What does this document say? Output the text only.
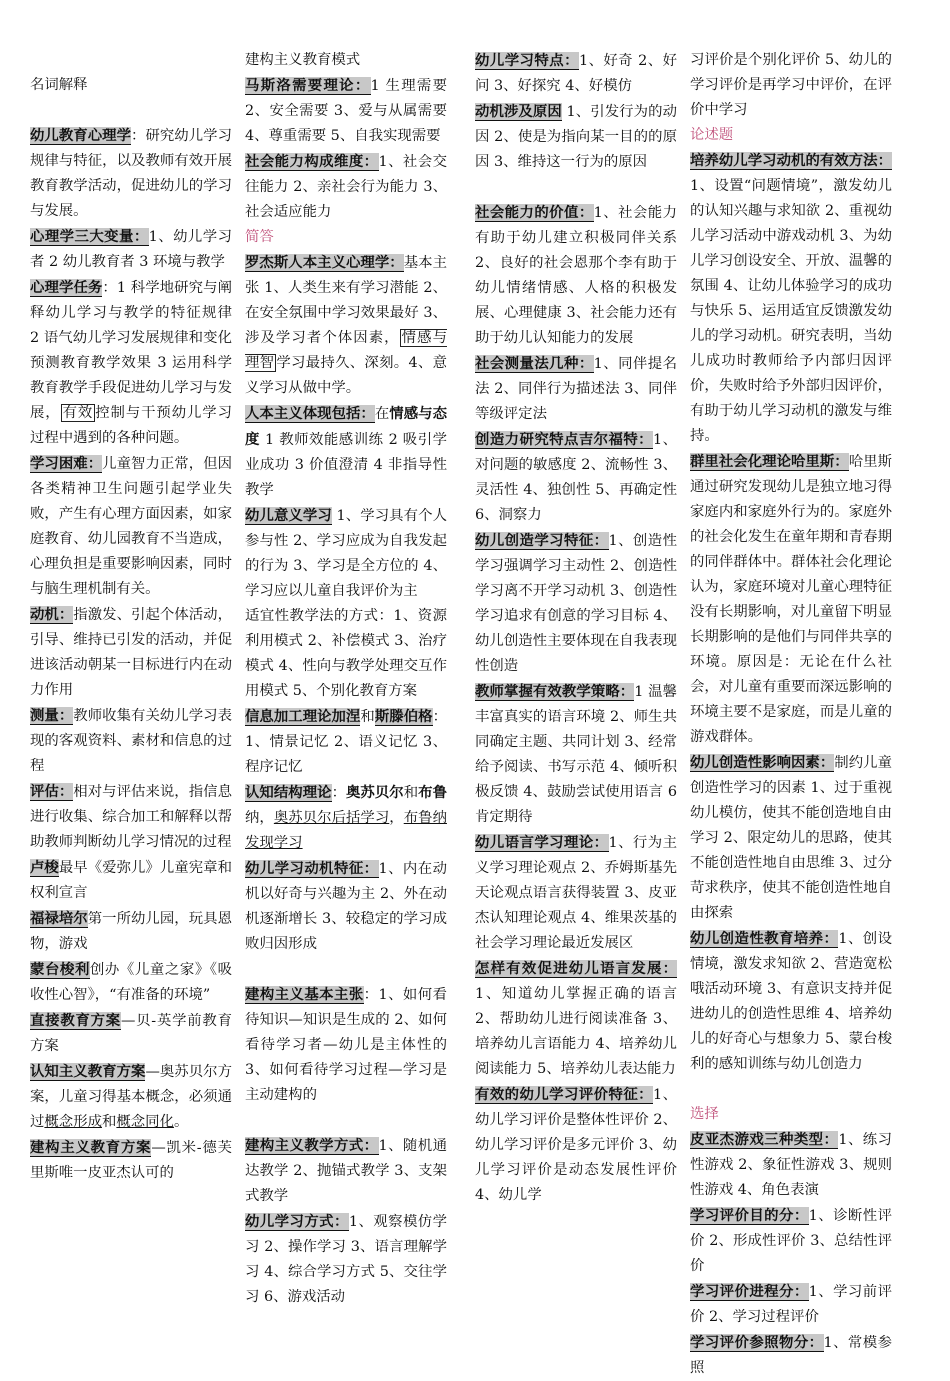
名词解释

幼儿教育心理学：研究幼儿学习规律与特征，以及教师有效开展教育教学活动，促进幼儿的学习与发展。

心理学三大变量：1、幼儿学习者 2 幼儿教育者 3 环境与教学

心理学任务：1 科学地研究与阐释幼儿学习与教学的特征规律　2 语气幼儿学习发展规律和变化预测教育教学效果 3 运用科学教育教学手段促进幼儿学习与发展， 有效 控制与干预幼儿学习过程中遇到的各种问题。

学习困难：儿童智力正常，但因各类精神卫生问题引起学业失败，产生有心理方面因素，如家庭教育、幼儿园教育不当造成，心理负担是重要影响因素，同时与脑生理机制有关。

动机：指激发、引起个体活动，引导、维持已引发的活动，并促进该活动朝某一目标进行内在动力作用

测量：教师收集有关幼儿学习表现的客观资料、素材和信息的过程

评估：相对与评估来说，指信息进行收集、综合加工和解释以帮助教师判断幼儿学习情况的过程

卢梭最早《爱弥儿》儿童宪章和权利宣言

福禄培尔第一所幼儿园，玩具恩物，游戏

蒙台梭利创办《儿童之家》《吸收性心智》，“有准备的环境”

直接教育方案—贝-英学前教育方案

认知主义教育方案—奥苏贝尔方案，儿童习得基本概念，必须通过概念形成和概念同化。

建构主义教育方案—凯米-德芙里斯唯一皮亚杰认可的

建构主义教育模式

马斯洛需要理论：1 生理需要 2、安全需要 3、爱与从属需要 4、尊重需要 5、自我实现需要

社会能力构成维度：1、社会交往能力 2、亲社会行为能力 3、社会适应能力

简答

罗杰斯人本主义心理学：基本主张 1、人类生来有学习潜能 2、在安全氛围中学习效果最好 3、涉及学习者个体因素， 情感与理智 学习最持久、深刻。4、意义学习从做中学。

人本主义体现包括：在情感与态度 1 教师效能感训练 2 吸引学业成功 3 价值澄清 4 非指导性教学

幼儿意义学习 1、学习具有个人参与性 2、学习应成为自我发起的行为 3、学习是全方位的 4、学习应以儿童自我评价为主

适宜性教学法的方式：1、资源利用模式 2、补偿模式 3、治疗模式 4、性向与教学处理交互作用模式 5、个别化教育方案

信息加工理论加涅和斯滕伯格：1、情景记忆 2、语义记忆 3、程序记忆

认知结构理论：奥苏贝尔和布鲁纳，奥苏贝尔后括学习，布鲁纳发现学习

幼儿学习动机特征：1、内在动机以好奇与兴趣为主 2、外在动机逐渐增长 3、较稳定的学习成败归因形成

建构主义基本主张：1、如何看待知识—知识是生成的 2、如何看待学习者—幼儿是主体性的 3、如何看待学习过程—学习是主动建构的

建构主义教学方式：1、随机通达教学 2、抛锚式教学 3、支架式教学

幼儿学习方式：1、观察模仿学习 2、操作学习 3、语言理解学习 4、综合学习方式 5、交往学习 6、游戏活动

幼儿学习特点：1、好奇 2、好问 3、好探究 4、好模仿

动机涉及原因 1、引发行为的动因 2、使是为指向某一目的的原因 3、维持这一行为的原因

社会能力的价值：1、社会能力有助于幼儿建立积极同伴关系 2、良好的社会恩那个李有助于幼儿情绪情感、人格的积极发展、心理健康 3、社会能力还有助于幼儿认知能力的发展

社会测量法几种：1、同伴提名法 2、同伴行为描述法 3、同伴等级评定法

创造力研究特点吉尔福特：1、对问题的敏感度 2、流畅性 3、灵活性 4、独创性 5、再确定性 6、洞察力

幼儿创造学习特征：1、创造性学习强调学习主动性 2、创造性学习离不开学习动机 3、创造性学习追求有创意的学习目标 4、幼儿创造性主要体现在自我表现性创造

教师掌握有效教学策略：1 温馨丰富真实的语言环境 2、师生共同确定主题、共同计划 3、经常给予阅读、书写示范 4、倾听积极反馈 4、鼓励尝试使用语言 6 肯定期待

幼儿语言学习理论：1、行为主义学习理论观点 2、乔姆斯基先天论观点语言获得装置 3、皮亚杰认知理论观点 4、维果茨基的社会学习理论最近发展区

怎样有效促进幼儿语言发展：1、知道幼儿掌握正确的语言 2、帮助幼儿进行阅读准备 3、培养幼儿言语能力 4、培养幼儿阅读能力 5、培养幼儿表达能力

有效的幼儿学习评价特征：1、幼儿学习评价是整体性评价 2、幼儿学习评价是多元评价 3、幼儿学习评价是动态发展性评价 4、幼儿学

习评价是个别化评价 5、幼儿的学习评价是再学习中评价，在评价中学习

论述题

培养幼儿学习动机的有效方法：1、设置“问题情境”，激发幼儿的认知兴趣与求知欲 2、重视幼儿学习活动中游戏动机 3、为幼儿学习创设安全、开放、温馨的氛围 4、让幼儿体验学习的成功与快乐 5、运用适宜反馈激发幼儿的学习动机。研究表明，当幼儿成功时教师给予内部归因评价，失败时给予外部归因评价，有助于幼儿学习动机的激发与维持。

群里社会化理论哈里斯：哈里斯通过研究发现幼儿是独立地习得家庭内和家庭外行为的。家庭外的社会化发生在童年期和青春期的同伴群体中。群体社会化理论认为，家庭环境对儿童心理特征没有长期影响，对儿童留下明显长期影响的是他们与同伴共享的环境。原因是：无论在什么社会，对儿童有重要而深远影响的环境主要不是家庭，而是儿童的游戏群体。

幼儿创造性影响因素：制约儿童创造性学习的因素 1、过于重视幼儿模仿，使其不能创造地自由学习 2、限定幼儿的思路，使其不能创造性地自由思维 3、过分苛求秩序，使其不能创造性地自由探索

幼儿创造性教育培养：1、创设情境，激发求知欲 2、营造宽松哦活动环境 3、有意识支持并促进幼儿的创造性思维 4、培养幼儿的好奇心与想象力 5、蒙台梭利的感知训练与幼儿创造力

选择

皮亚杰游戏三种类型：1、练习性游戏 2、象征性游戏 3、规则性游戏 4、角色表演

学习评价目的分：1、诊断性评价 2、形成性评价 3、总结性评价

学习评价进程分：1、学习前评价 2、学习过程评价

学习评价参照物分：1、常模参照
